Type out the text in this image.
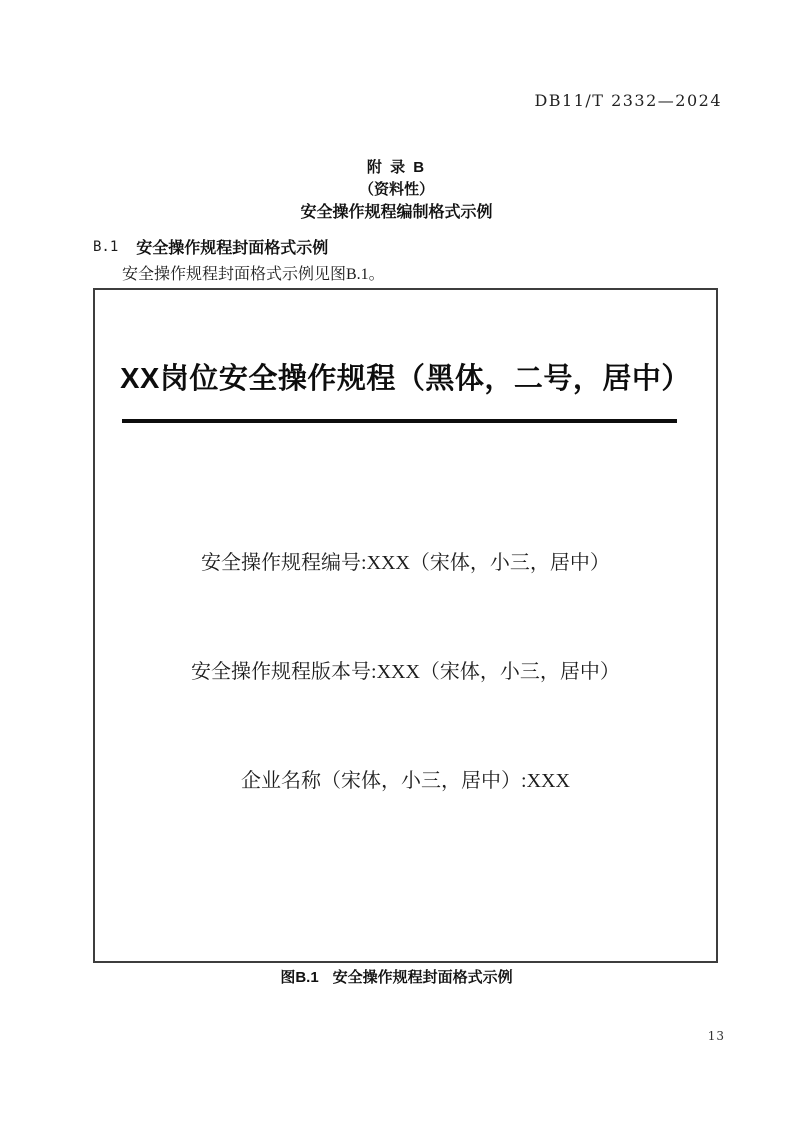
DB11/T 2332—2024
附 录 B
（资料性）
安全操作规程编制格式示例
B.1 安全操作规程封面格式示例
安全操作规程封面格式示例见图B.1。
XX岗位安全操作规程（黑体，二号，居中）
安全操作规程编号:XXX（宋体，小三，居中）
安全操作规程版本号:XXX（宋体，小三，居中）
企业名称（宋体，小三，居中）:XXX
图B.1 安全操作规程封面格式示例
13
